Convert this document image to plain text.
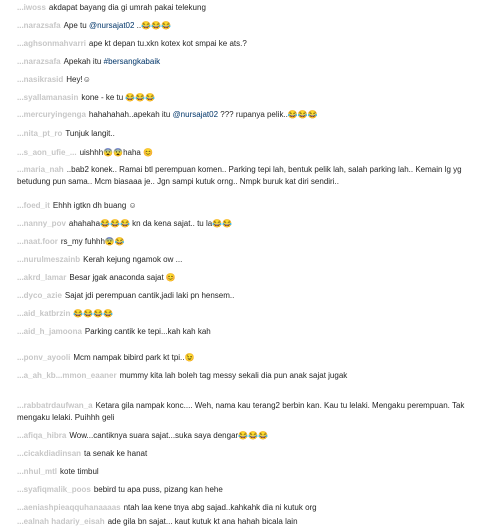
...iwoss akdapat bayang dia gi umrah pakai telekung
...narazsafa Ape tu @nursajat02 ..😂😂😂
...aghsonmahvarri ape kt depan tu.xkn kotex kot smpai ke ats.?
...narazsafa Apekah itu #bersangkabaik
...nasikrasid Hey!☺
...syallamanasin kone - ke tu 😂😂😂
...mercuryingenga hahahahah..apekah itu @nursajat02 ??? rupanya pelik..😂😂😂
...nita_pt_ro Tunjuk langit..
...s_aon_ufie_... uishhh😨😨haha 😊
...maria_nah ..bab2 konek.. Ramai btl perempuan komen.. Parking tepi lah, bentuk pelik lah, salah parking lah.. Kemain lg yg betudung pun sama.. Mcm biasaaa je.. Jgn sampi kutuk orng.. Nmpk buruk kat diri sendiri..
...foed_it Ehhh igtkn dh buang ☺
...nanny_pov ahahaha😂😂😂 kn da kena sajat.. tu la😂😂
...naat.foor rs_my fuhhh😨😂
...nurulmeszainb Kerah kejung ngamok ow ...
...akrd_lamar Besar jgak anaconda sajat 😊
...dyco_azie Sajat jdi perempuan cantik,jadi laki pn hensem..
...aid_katbrzin 😂😂😂😂
...aid_h_jamoona Parking cantik ke tepi...kah kah kah
...ponv_ayooli Mcm nampak bibird park kt tpi..😉
...a_ah_kb...mmon_eaaner mummy kita lah boleh tag messy sekali dia pun anak sajat jugak
...rabbatrdaufwan_a Ketara gila nampak konc.... Weh, nama kau terang2 berbin kan. Kau tu lelaki. Mengaku perempuan. Tak mengaku lelaki. Puihhh geli
...afiqa_hibra Wow...cantiknya suara sajat...suka saya dengar😂😂😂
...cicakdiadinsan ta senak ke hanat
...nhul_mtl kote timbul
...syafiqmalik_poos bebird tu apa puss, pizang kan hehe
...aeniashpieaqquhanaaaas ntah laa kene tnya abg sajad..kahkahk dia ni kutuk org
...ealnah hadariy_eisah ade gila bn sajat... kaut kutuk kt ana hahah bicala lain
